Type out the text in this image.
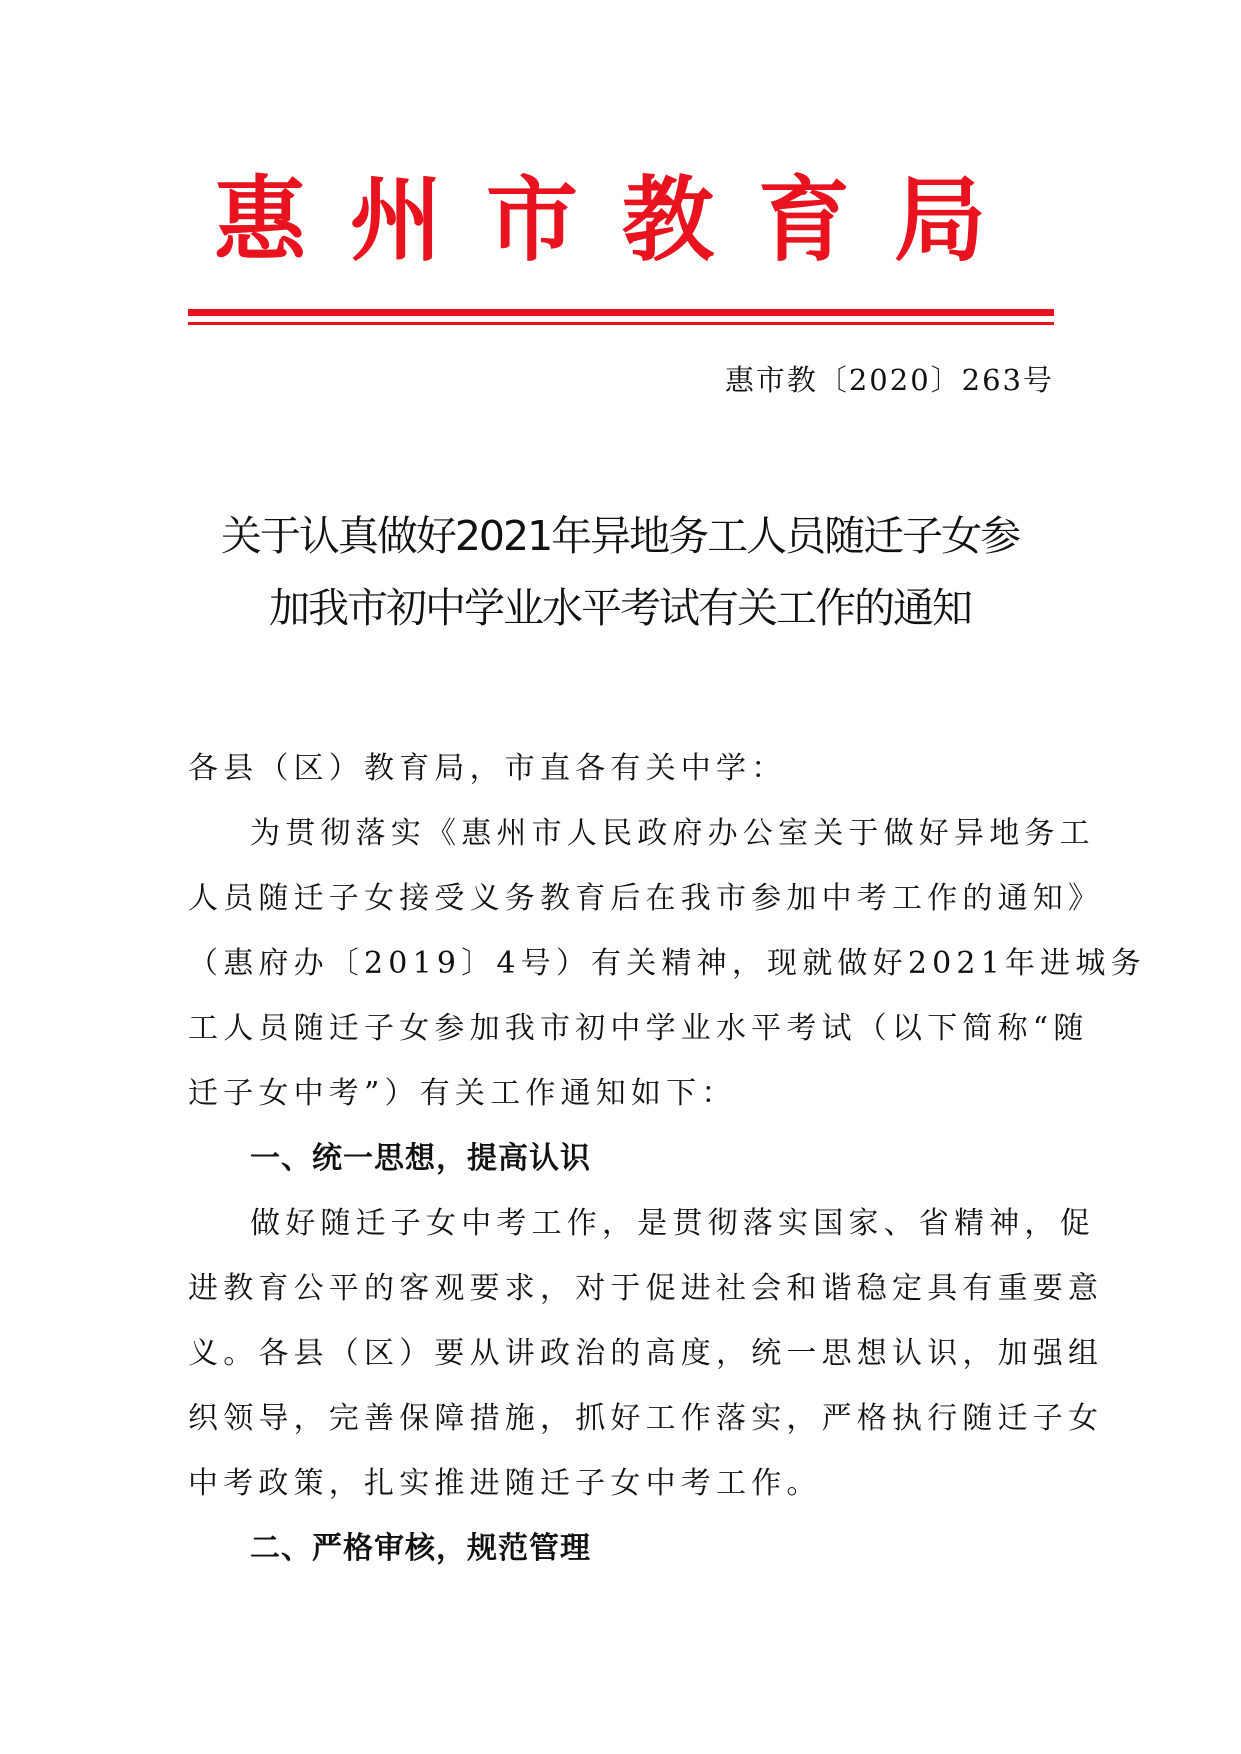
惠州市教育局
惠市教〔2020〕263号
关于认真做好2021年异地务工人员随迁子女参
加我市初中学业水平考试有关工作的通知
各县（区）教育局，市直各有关中学：
为贯彻落实《惠州市人民政府办公室关于做好异地务工
人员随迁子女接受义务教育后在我市参加中考工作的通知》
（惠府办〔2019〕4号）有关精神，现就做好2021年进城务
工人员随迁子女参加我市初中学业水平考试（以下简称“随
迁子女中考”）有关工作通知如下：
一、统一思想，提高认识
做好随迁子女中考工作，是贯彻落实国家、省精神，促
进教育公平的客观要求，对于促进社会和谐稳定具有重要意
义。各县（区）要从讲政治的高度，统一思想认识，加强组
织领导，完善保障措施，抓好工作落实，严格执行随迁子女
中考政策，扎实推进随迁子女中考工作。
二、严格审核，规范管理
